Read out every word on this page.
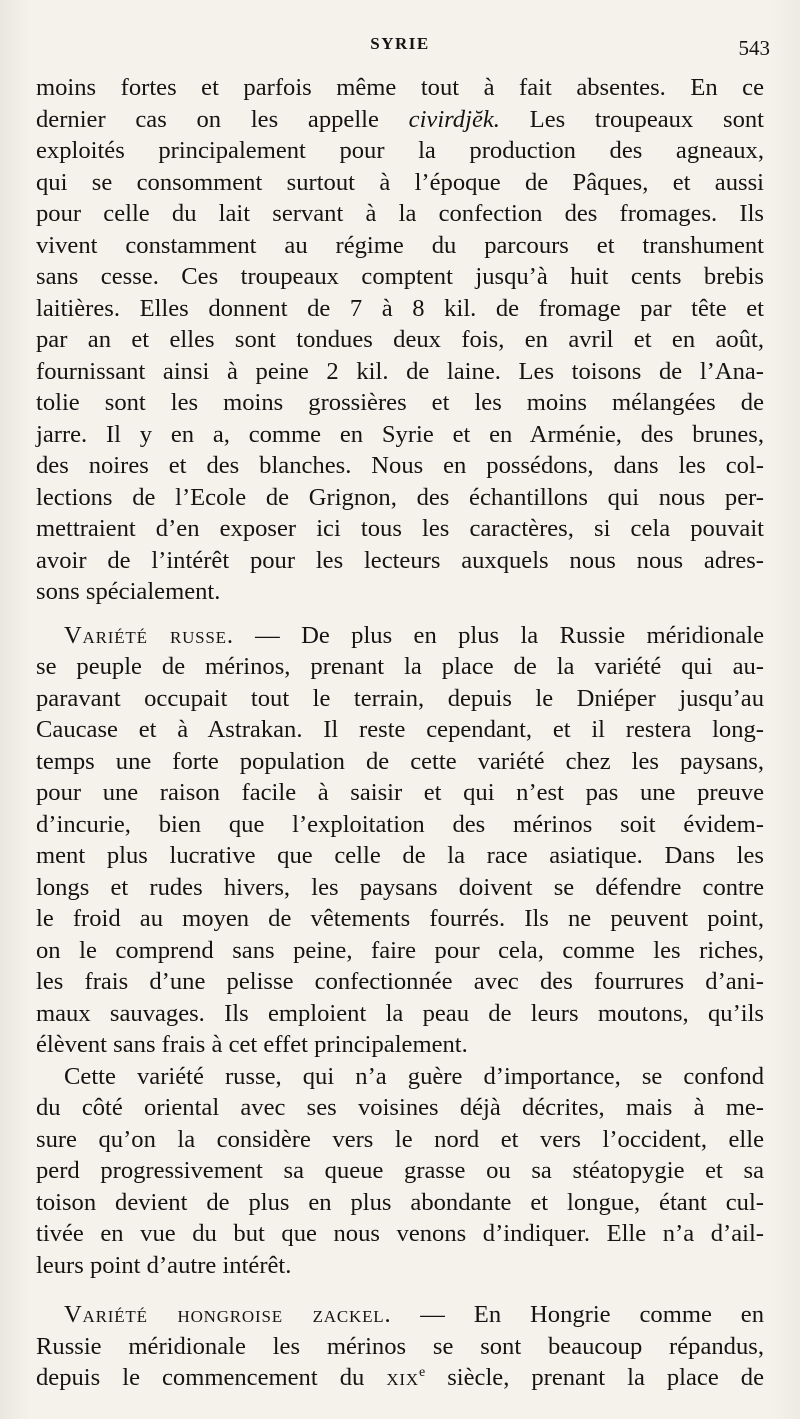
SYRIE	543
moins fortes et parfois même tout à fait absentes. En ce
dernier cas on les appelle civirdjĕk. Les troupeaux sont
exploités principalement pour la production des agneaux,
qui se consomment surtout à l’époque de Pâques, et aussi
pour celle du lait servant à la confection des fromages. Ils
vivent constamment au régime du parcours et transhument
sans cesse. Ces troupeaux comptent jusqu’à huit cents brebis
laitières. Elles donnent de 7 à 8 kil. de fromage par tête et
par an et elles sont tondues deux fois, en avril et en août,
fournissant ainsi à peine 2 kil. de laine. Les toisons de l’Ana-
tolie sont les moins grossières et les moins mélangées de
jarre. Il y en a, comme en Syrie et en Arménie, des brunes,
des noires et des blanches. Nous en possédons, dans les col-
lections de l’Ecole de Grignon, des échantillons qui nous per-
mettraient d’en exposer ici tous les caractères, si cela pouvait
avoir de l’intérêt pour les lecteurs auxquels nous nous adres-
sons spécialement.
Variété russe. — De plus en plus la Russie méridionale
se peuple de mérinos, prenant la place de la variété qui au-
paravant occupait tout le terrain, depuis le Dniéper jusqu’au
Caucase et à Astrakan. Il reste cependant, et il restera long-
temps une forte population de cette variété chez les paysans,
pour une raison facile à saisir et qui n’est pas une preuve
d’incurie, bien que l’exploitation des mérinos soit évidem-
ment plus lucrative que celle de la race asiatique. Dans les
longs et rudes hivers, les paysans doivent se défendre contre
le froid au moyen de vêtements fourrés. Ils ne peuvent point,
on le comprend sans peine, faire pour cela, comme les riches,
les frais d’une pelisse confectionnée avec des fourrures d’ani-
maux sauvages. Ils emploient la peau de leurs moutons, qu’ils
élèvent sans frais à cet effet principalement.
Cette variété russe, qui n’a guère d’importance, se confond
du côté oriental avec ses voisines déjà décrites, mais à me-
sure qu’on la considère vers le nord et vers l’occident, elle
perd progressivement sa queue grasse ou sa stéatopygie et sa
toison devient de plus en plus abondante et longue, étant cul-
tivée en vue du but que nous venons d’indiquer. Elle n’a d’ail-
leurs point d’autre intérêt.
Variété hongroise zackel. — En Hongrie comme en
Russie méridionale les mérinos se sont beaucoup répandus,
depuis le commencement du xix$^e$ siècle, prenant la place de
